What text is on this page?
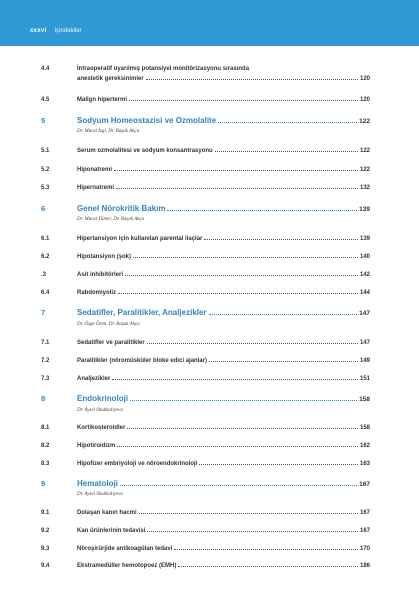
xxxvi İçindekiler
4.4	İntraoperatif uyarılmış potansiyel monitörizasyonu sırasında
anestetik gereksinimler	120
4.5	Malign hipertermi	120
5	Sodyum Homeostazisi ve Ozmolalite	122
Dr. Murat İzgi, Dr. Başak Akça
5.1	Serum ozmolalitesi ve sodyum konsantrasyonu	122
5.2	Hiponatremi	122
5.3	Hipernatremi	132
6	Genel Nörokritik Bakım	139
Dr. Murat Tümer, Dr. Başak Akça
6.1	Hipertansiyon için kullanılan parental ilaçlar	139
6.2	Hipotansiyon (şok)	140
.3	Asit inhibitörleri	142
6.4	Rabdomiyoliz	144
7	Sedatifler, Paralitikler, Analjezikler	147
Dr. Özge Özen, Dr. Başak Akça
7.1	Sedatifler ve paralitikler	147
7.2	Paralitikler (nöromüsküler bloke edici ajanlar)	149
7.3	Analjezikler	151
8	Endokrinoloji	158
Dr. Aysel Shukhaliyeva
8.1	Kortikosteroidler	158
8.2	Hipotiroidizm	162
8.3	Hipofizer embriyoloji ve nöroendokrinoloji	163
9	Hematoloji	167
Dr. Aysel Shukhaliyeva
9.1	Dolaşan kanın hacmi	167
9.2	Kan ürünlerinin tedavisi	167
9.3	Nöroşirürjide antikoagülan tedavi	170
9.4	Ekstramedüller hemotopoez (EMH)	186
